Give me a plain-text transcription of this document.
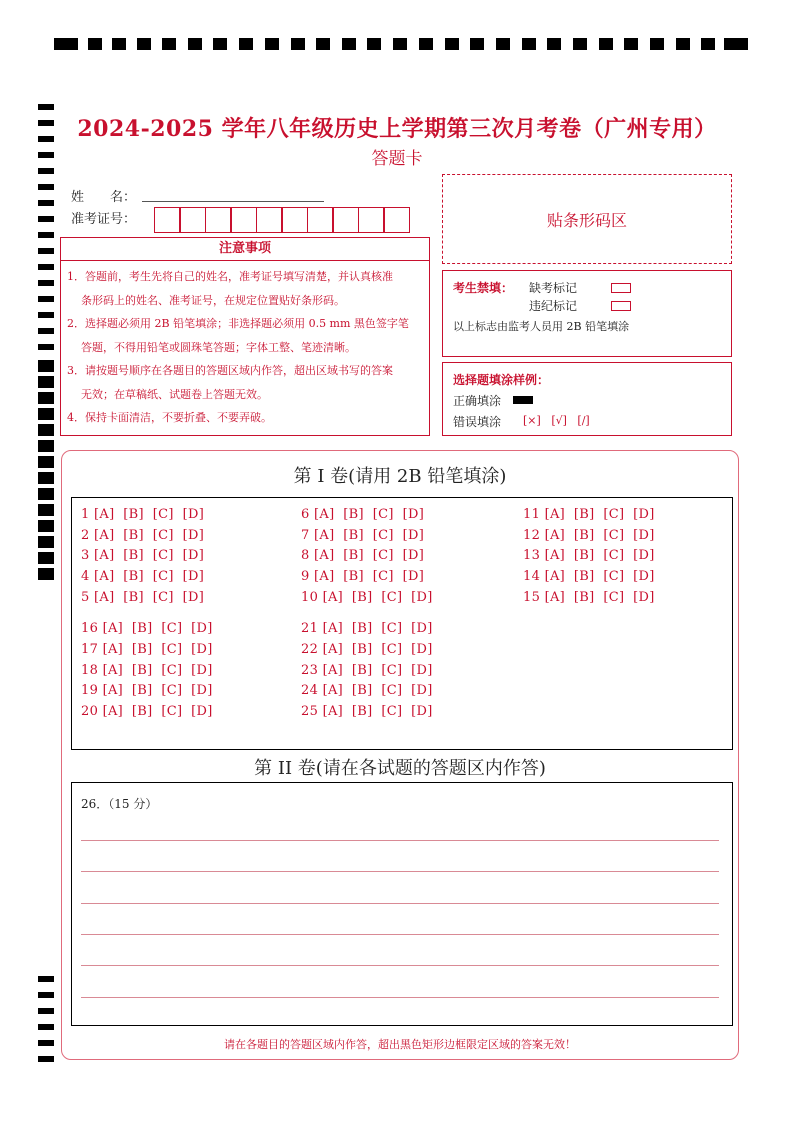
2024-2025 学年八年级历史上学期第三次月考卷（广州专用）
答题卡
姓　　名：
准考证号：	贴条形码区
注意事项

1．答题前，考生先将自己的姓名，准考证号填写清楚，并认真核准
条形码上的姓名、准考证号，在规定位置贴好条形码。

2．选择题必须用 2B 铅笔填涂；非选择题必须用 0.5 mm 黑色签字笔
答题，不得用铅笔或圆珠笔答题；字体工整、笔迹清晰。

3．请按题号顺序在各题目的答题区域内作答，超出区域书写的答案
无效；在草稿纸、试题卷上答题无效。

4．保持卡面清洁，不要折叠、不要弄破。

考生禁填： 缺考标记
违纪标记
以上标志由监考人员用 2B 铅笔填涂
选择题填涂样例：
正确填涂
错误填涂 [×] [√] [/]
第 I 卷(请用 2B 铅笔填涂)
1 [A]  [B]  [C]  [D]
2 [A]  [B]  [C]  [D]
3 [A]  [B]  [C]  [D]
4 [A]  [B]  [C]  [D]
5 [A]  [B]  [C]  [D]
6 [A]  [B]  [C]  [D]
7 [A]  [B]  [C]  [D]
8 [A]  [B]  [C]  [D]
9 [A]  [B]  [C]  [D]
10 [A]  [B]  [C]  [D]
11 [A]  [B]  [C]  [D]
12 [A]  [B]  [C]  [D]
13 [A]  [B]  [C]  [D]
14 [A]  [B]  [C]  [D]
15 [A]  [B]  [C]  [D]
16 [A]  [B]  [C]  [D]
17 [A]  [B]  [C]  [D]
18 [A]  [B]  [C]  [D]
19 [A]  [B]  [C]  [D]
20 [A]  [B]  [C]  [D]
21 [A]  [B]  [C]  [D]
22 [A]  [B]  [C]  [D]
23 [A]  [B]  [C]  [D]
24 [A]  [B]  [C]  [D]
25 [A]  [B]  [C]  [D]
第 II 卷(请在各试题的答题区内作答)
26．（15 分）
请在各题目的答题区域内作答，超出黑色矩形边框限定区域的答案无效！
